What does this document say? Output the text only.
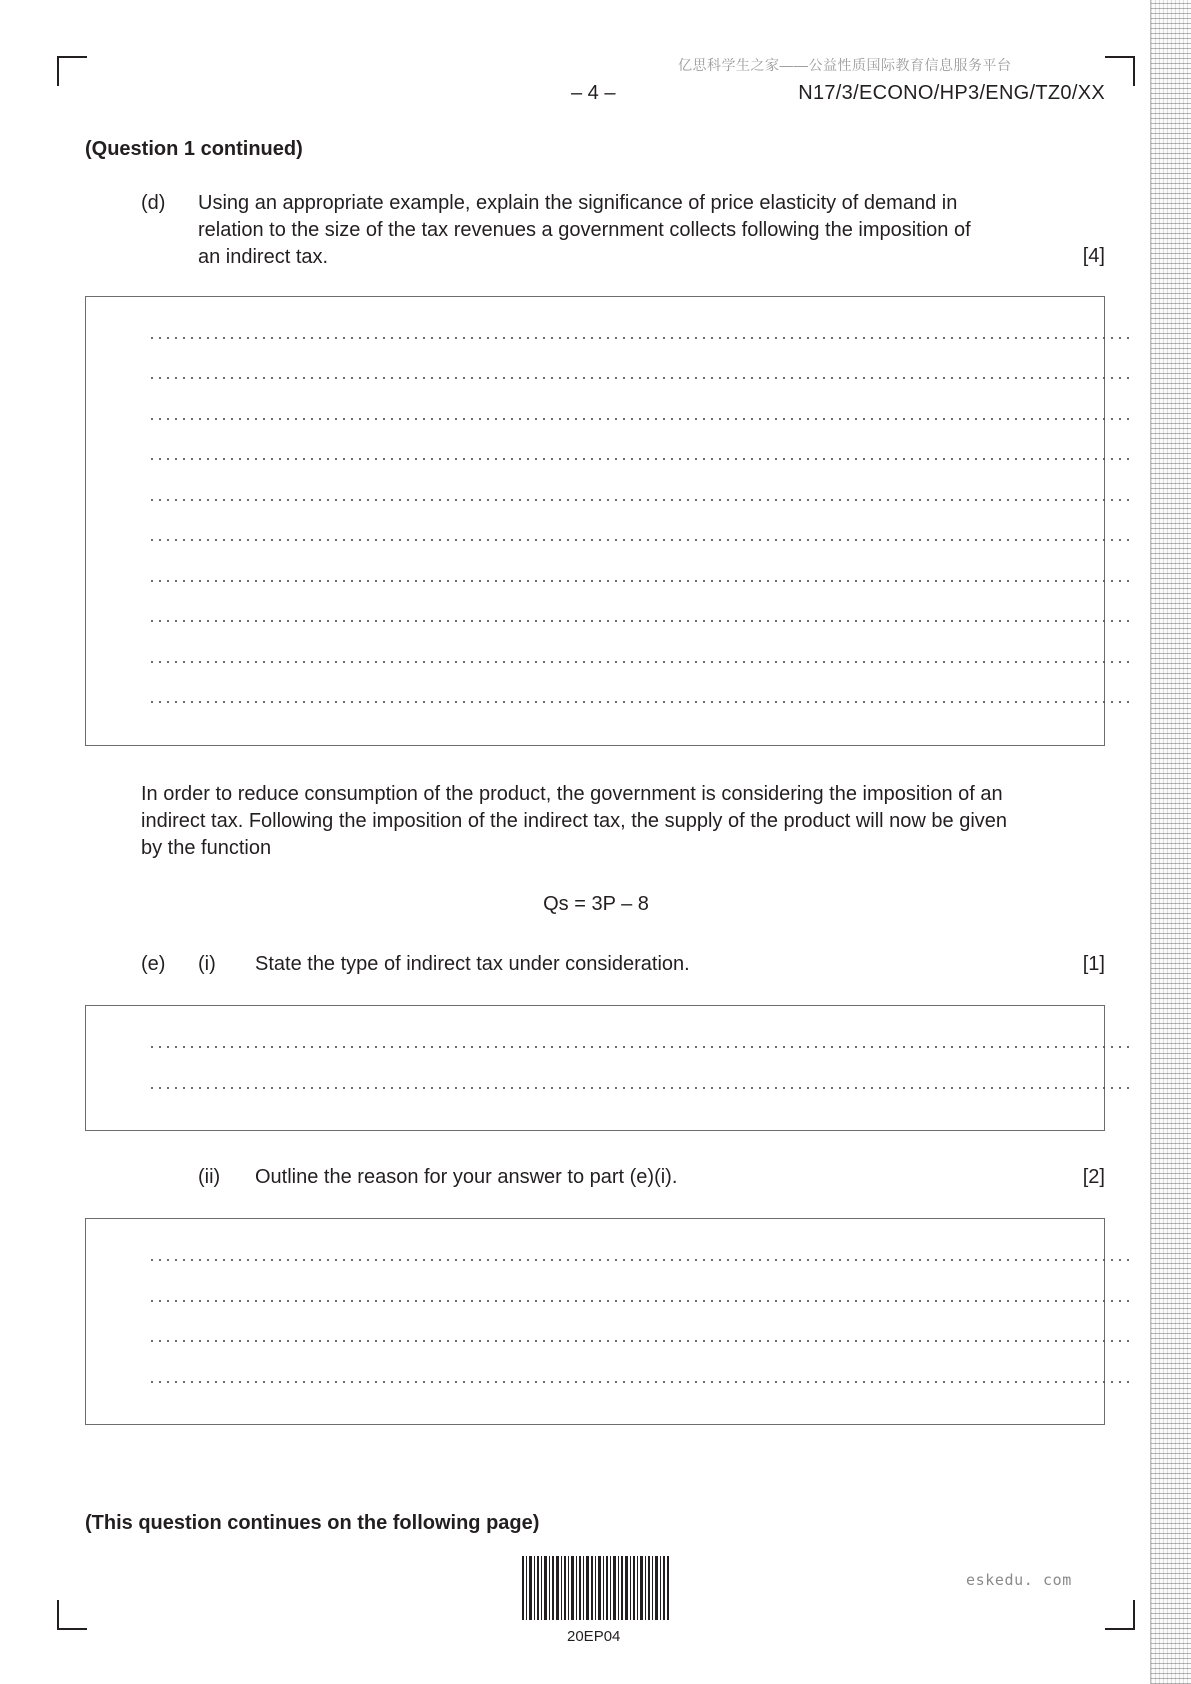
亿思科学生之家——公益性质国际教育信息服务平台
– 4 –	N17/3/ECONO/HP3/ENG/TZ0/XX
(Question 1 continued)
(d) Using an appropriate example, explain the significance of price elasticity of demand in
relation to the size of the tax revenues a government collects following the imposition of
an indirect tax.	[4]
In order to reduce consumption of the product, the government is considering the imposition of an
indirect tax. Following the imposition of the indirect tax, the supply of the product will now be given
by the function
Qs = 3P – 8
(e) (i) State the type of indirect tax under consideration.	[1]
(ii) Outline the reason for your answer to part (e)(i).	[2]
(This question continues on the following page)
20EP04
eskedu. com
